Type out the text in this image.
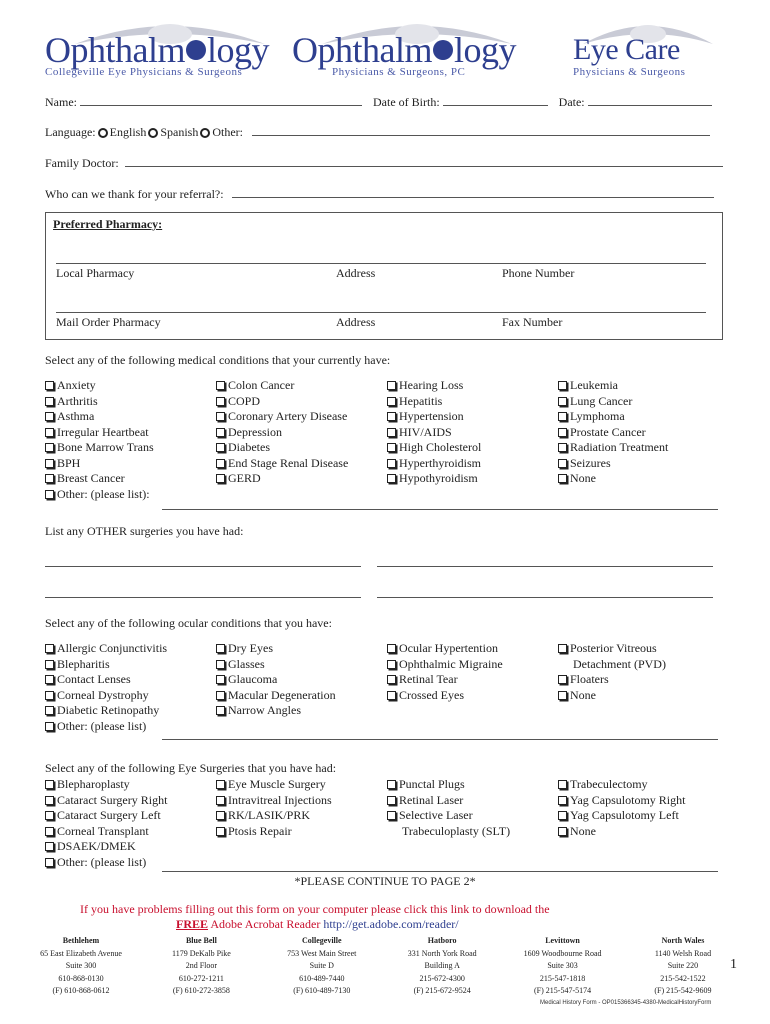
Ophthalm logy
Collegeville Eye Physicians & Surgeons
Ophthalm logy
Physicians & Surgeons, PC
Eye Care
Physicians & Surgeons
Name:	Date of Birth:	Date:
Language: English Spanish Other:
Family Doctor:
Who can we thank for your referral?:
Preferred Pharmacy:
Local Pharmacy	Address	Phone Number
Mail Order Pharmacy	Address	Fax Number
Select any of the following medical conditions that your currently have:
Anxiety
Arthritis
Asthma
Irregular Heartbeat
Bone Marrow Trans
BPH
Breast Cancer
Other: (please list):
Colon Cancer
COPD
Coronary Artery Disease
Depression
Diabetes
End Stage Renal Disease
GERD
Hearing Loss
Hepatitis
Hypertension
HIV/AIDS
High Cholesterol
Hyperthyroidism
Hypothyroidism
Leukemia
Lung Cancer
Lymphoma
Prostate Cancer
Radiation Treatment
Seizures
None
List any OTHER surgeries you have had:
Select any of the following ocular conditions that you have:
Allergic Conjunctivitis
Blepharitis
Contact Lenses
Corneal Dystrophy
Diabetic Retinopathy
Other: (please list)
Dry Eyes
Glasses
Glaucoma
Macular Degeneration
Narrow Angles
Ocular Hypertention
Ophthalmic Migraine
Retinal Tear
Crossed Eyes
Posterior Vitreous
Detachment (PVD)
Floaters
None
Select any of the following Eye Surgeries that you have had:
Blepharoplasty
Cataract Surgery Right
Cataract Surgery Left
Corneal Transplant
DSAEK/DMEK
Other: (please list)
Eye Muscle Surgery
Intravitreal Injections
RK/LASIK/PRK
Ptosis Repair
Punctal Plugs
Retinal Laser
Selective Laser
Trabeculoplasty (SLT)
Trabeculectomy
Yag Capsulotomy Right
Yag Capsulotomy Left
None
*PLEASE CONTINUE TO PAGE 2*
If you have problems filling out this form on your computer please click this link to download the
FREE Adobe Acrobat Reader http://get.adobe.com/reader/
Bethlehem
65 East Elizabeth Avenue
Suite 300
610-868-0130
(F) 610-868-0612
Blue Bell
1179 DeKalb Pike
2nd Floor
610-272-1211
(F) 610-272-3858
Collegeville
753 West Main Street
Suite D
610-489-7440
(F) 610-489-7130
Hatboro
331 North York Road
Building A
215-672-4300
(F) 215-672-9524
Levittown
1609 Woodbourne Road
Suite 303
215-547-1818
(F) 215-547-5174
North Wales
1140 Welsh Road
Suite 220
215-542-1522
(F) 215-542-9609
1
Medical History Form - OP015366345-4380-MedicalHistoryForm
